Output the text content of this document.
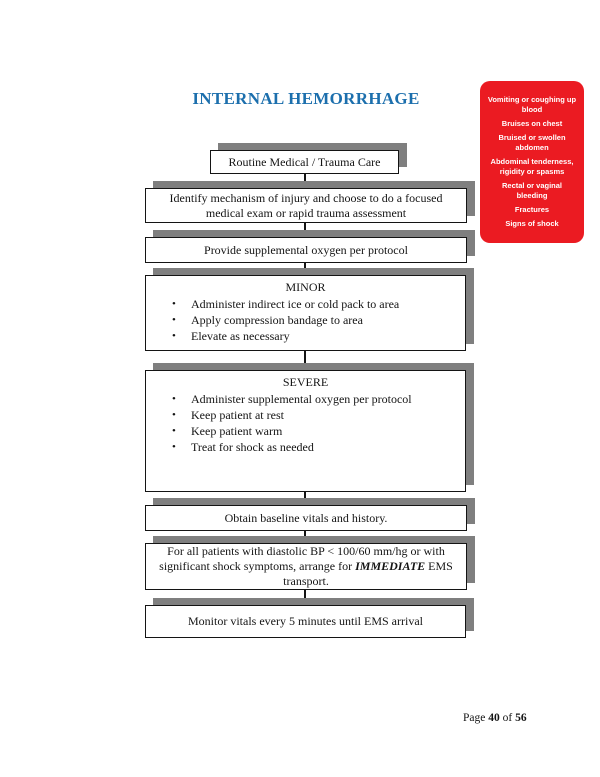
INTERNAL HEMORRHAGE	Vomiting or coughing up blood
Bruises on chest
Bruised or swollen abdomen
Abdominal tenderness, rigidity or spasms
Rectal or vaginal bleeding
Fractures
Signs of shock
Routine Medical / Trauma Care
Identify mechanism of injury and choose to do a focused medical exam or rapid trauma assessment
Provide supplemental oxygen per protocol
MINOR
•	Administer indirect ice or cold pack to area
•	Apply compression bandage to area
•	Elevate as necessary
SEVERE
•	Administer supplemental oxygen per protocol
•	Keep patient at rest
•	Keep patient warm
•	Treat for shock as needed
Obtain baseline vitals and history.
For all patients with diastolic BP < 100/60 mm/hg or with significant shock symptoms, arrange for IMMEDIATE EMS transport.
Monitor vitals every 5 minutes until EMS arrival
Page 40 of 56
